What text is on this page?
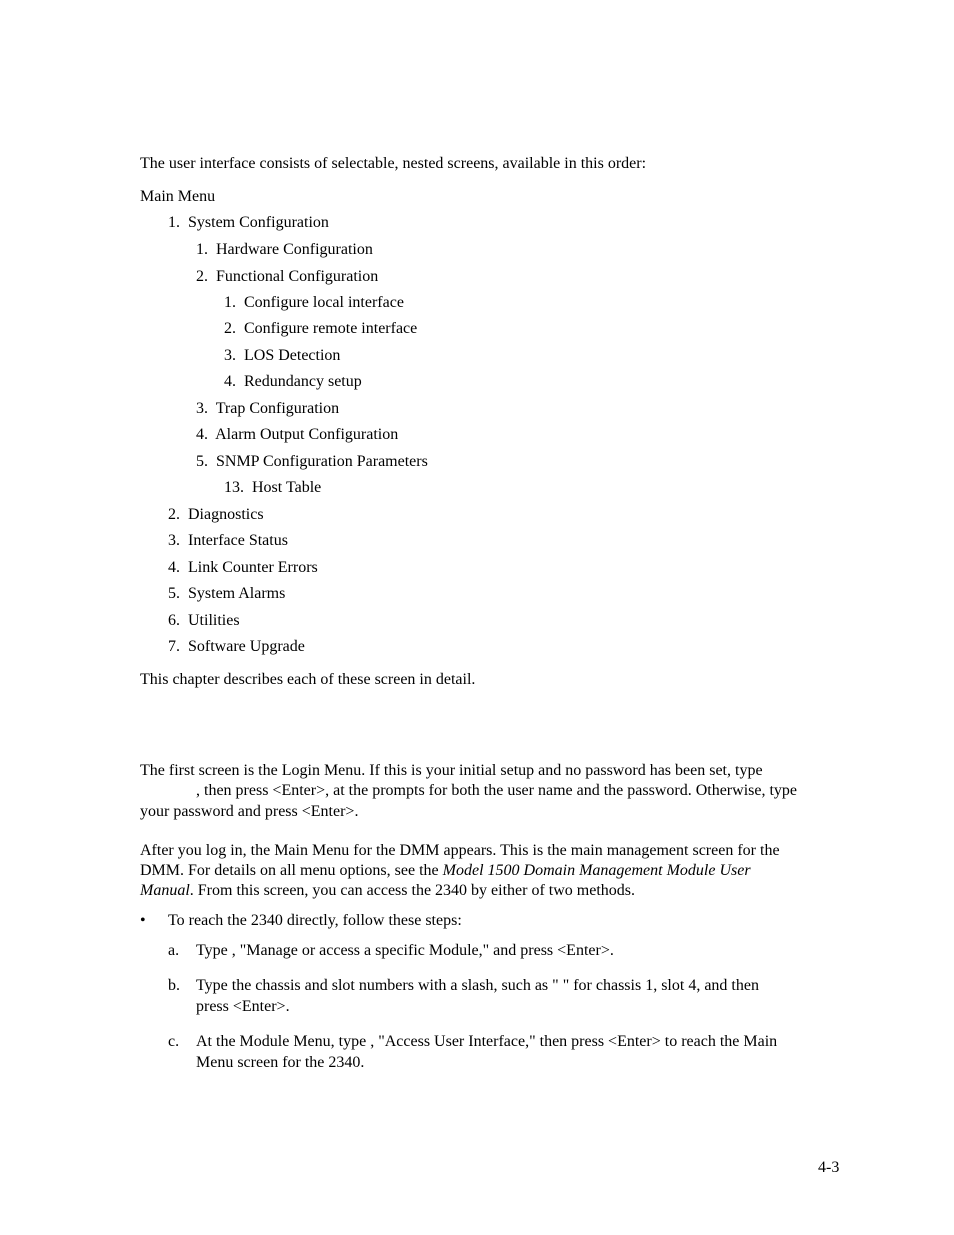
The user interface consists of selectable, nested screens, available in this order:
Main Menu
1. System Configuration
1. Hardware Configuration
2. Functional Configuration
1. Configure local interface
2. Configure remote interface
3. LOS Detection
4. Redundancy setup
3. Trap Configuration
4. Alarm Output Configuration
5. SNMP Configuration Parameters
13. Host Table
2. Diagnostics
3. Interface Status
4. Link Counter Errors
5. System Alarms
6. Utilities
7. Software Upgrade
This chapter describes each of these screen in detail.
The first screen is the Login Menu. If this is your initial setup and no password has been set, type
, then press <Enter>, at the prompts for both the user name and the password. Otherwise, type
your password and press <Enter>.
After you log in, the Main Menu for the DMM appears. This is the main management screen for the
DMM. For details on all menu options, see the Model 1500 Domain Management Module User
Manual. From this screen, you can access the 2340 by either of two methods.
• To reach the 2340 directly, follow these steps:
a. Type , "Manage or access a specific Module," and press <Enter>.
b. Type the chassis and slot numbers with a slash, such as " " for chassis 1, slot 4, and then
press <Enter>.
c. At the Module Menu, type , "Access User Interface," then press <Enter> to reach the Main
Menu screen for the 2340.
4-3
